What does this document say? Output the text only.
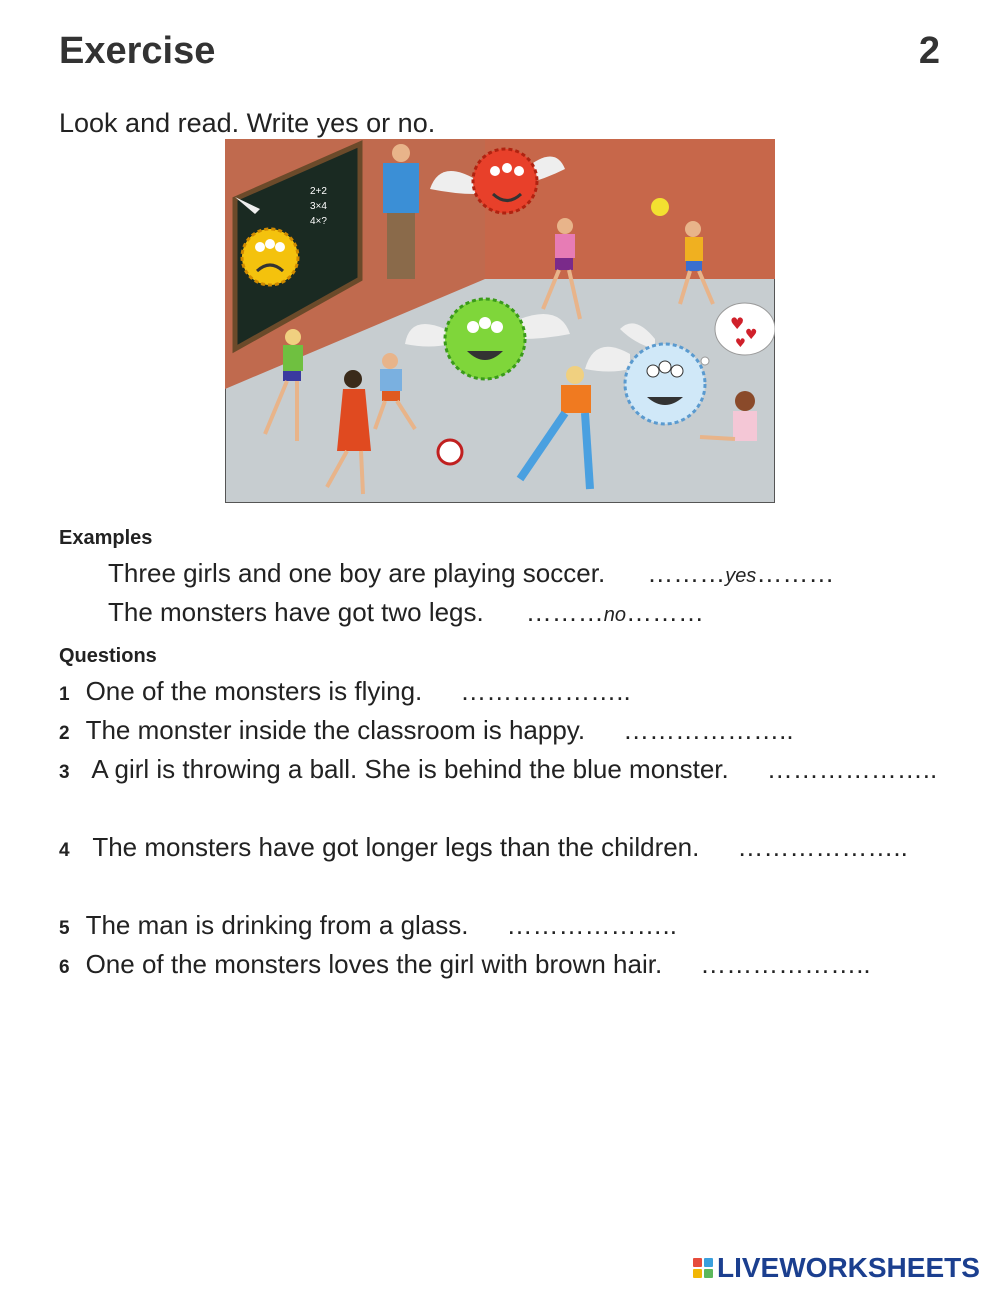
Exercise	2
Look and read. Write yes or no.
2+2
3×4
4×?
♥
♥
♥
Examples
Three girls and one boy are playing soccer. ………yes………
The monsters have got two legs. ………no………
Questions
1 One of the monsters is flying. ………………..
2 The monster inside the classroom is happy. ………………..
3 A girl is throwing a ball. She is behind the blue monster. ………………..
4 The monsters have got longer legs than the children. ………………..
5 The man is drinking from a glass. ………………..
6 One of the monsters loves the girl with brown hair. ………………..
LIVEWORKSHEETS
